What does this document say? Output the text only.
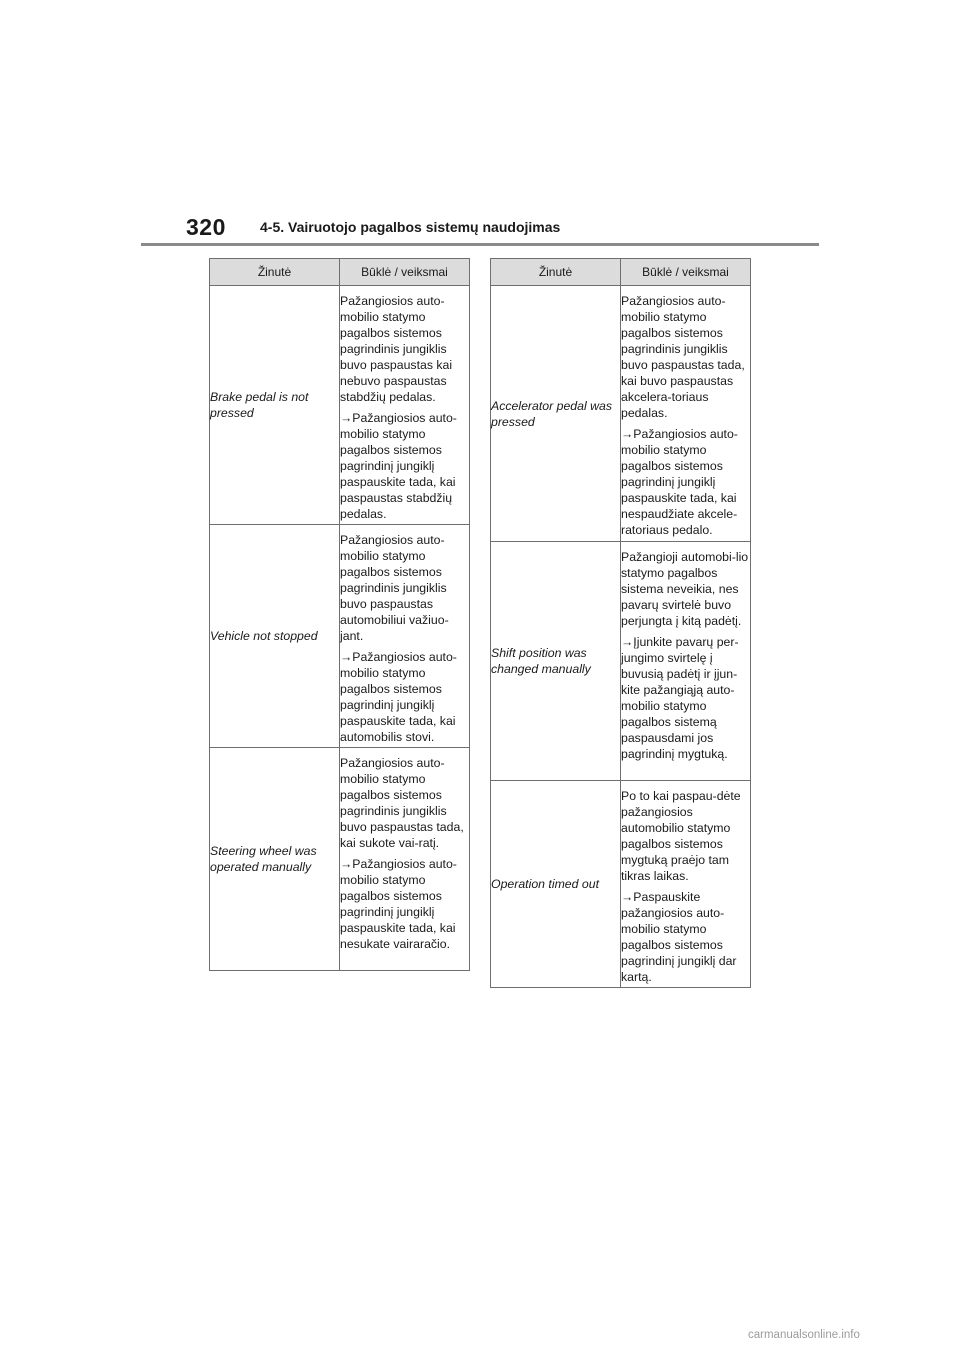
320 4-5. Vairuotojo pagalbos sistemų naudojimas
Žinutė	Būklė / veiksmai
Brake pedal is not pressed	Pažangiosios auto-mobilio statymo pagalbos sistemos pagrindinis jungiklis buvo paspaustas kai nebuvo paspaustas stabdžių pedalas.

→Pažangiosios auto-mobilio statymo pagalbos sistemos pagrindinį jungiklį paspauskite tada, kai paspaustas stabdžių pedalas.

Vehicle not stopped	Pažangiosios auto-mobilio statymo pagalbos sistemos pagrindinis jungiklis buvo paspaustas automobiliui važiuo-jant.

→Pažangiosios auto-mobilio statymo pagalbos sistemos pagrindinį jungiklį paspauskite tada, kai automobilis stovi.

Steering wheel was operated manually	Pažangiosios auto-mobilio statymo pagalbos sistemos pagrindinis jungiklis buvo paspaustas tada, kai sukote vai-ratį.

→Pažangiosios auto-mobilio statymo pagalbos sistemos pagrindinį jungiklį paspauskite tada, kai nesukate vairaračio.

Žinutė	Būklė / veiksmai
Accelerator pedal was pressed	Pažangiosios auto-mobilio statymo pagalbos sistemos pagrindinis jungiklis buvo paspaustas tada, kai buvo paspaustas akcelera-toriaus pedalas.

→Pažangiosios auto-mobilio statymo pagalbos sistemos pagrindinį jungiklį paspauskite tada, kai nespaudžiate akcele-ratoriaus pedalo.

Shift position was changed manually	Pažangioji automobi-lio statymo pagalbos sistema neveikia, nes pavarų svirtelė buvo perjungta į kitą padėtį.

→Įjunkite pavarų per-jungimo svirtelę į buvusią padėtį ir įjun-kite pažangiąją auto-mobilio statymo pagalbos sistemą paspausdami jos pagrindinį mygtuką.

Operation timed out	Po to kai paspau-dėte pažangiosios automobilio statymo pagalbos sistemos mygtuką praėjo tam tikras laikas.

→Paspauskite pažangiosios auto-mobilio statymo pagalbos sistemos pagrindinį jungiklį dar kartą.

carmanualsonline.info
